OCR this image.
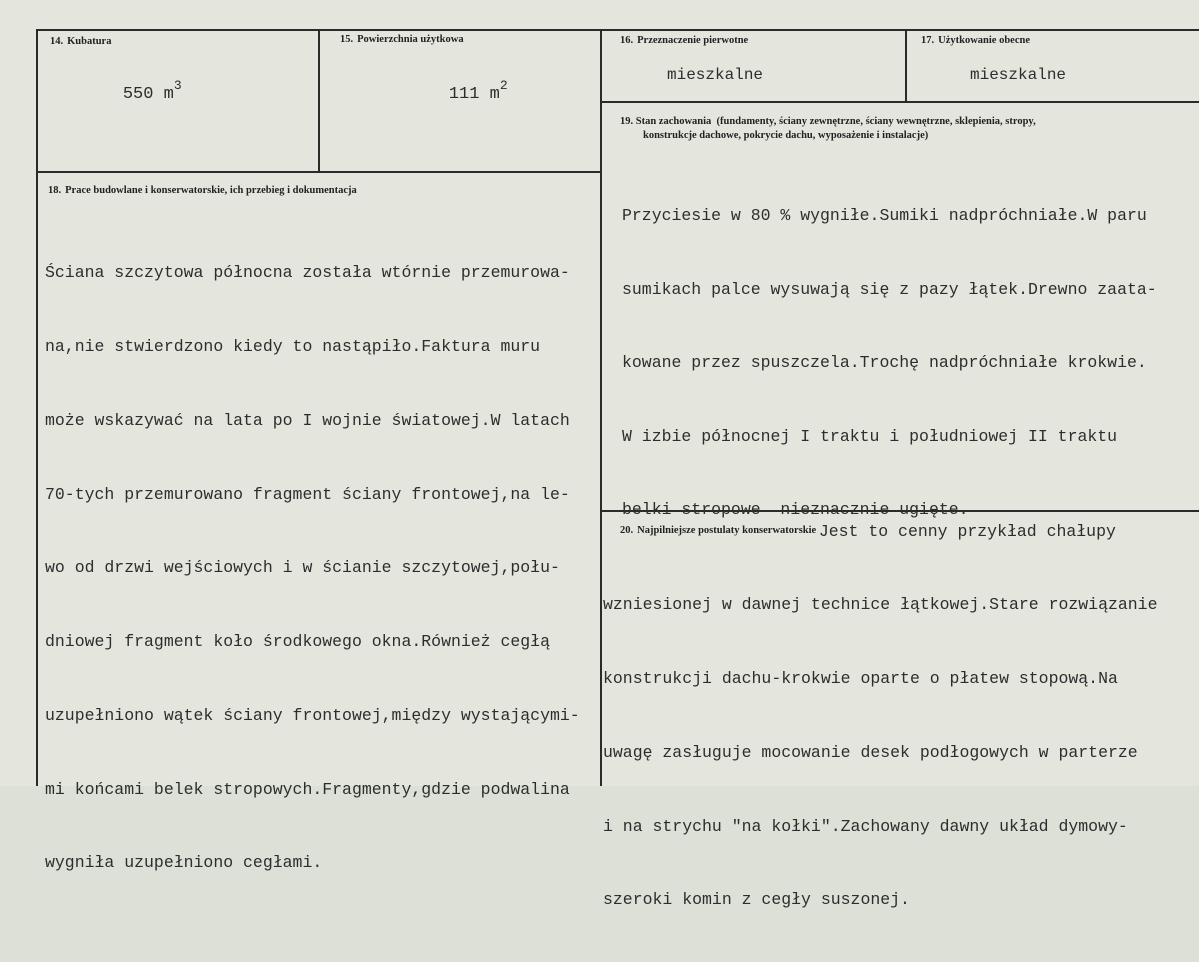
14. Kubatura

550 $m^3$

15. Powierzchnia użytkowa

111 $m^2$

16. Przeznaczenie pierwotne
mieszkalne
17. Użytkowanie obecne
mieszkalne
19. Stan zachowania  (fundamenty, ściany zewnętrzne, ściany wewnętrzne, sklepienia, stropy,
konstrukcje dachowe, pokrycie dachu, wyposażenie i instalacje)

Przyciesie w 80 % wygniłe.Sumiki nadpróchniałe.W paru

sumikach palce wysuwają się z pazy łątek.Drewno zaata-

kowane przez spuszczela.Trochę nadpróchniałe krokwie.

W izbie północnej I traktu i południowej II traktu

belki stropowe  nieznacznie ugięte.

18. Prace budowlane i konserwatorskie, ich przebieg i dokumentacja

Ściana szczytowa północna została wtórnie przemurowa-

na,nie stwierdzono kiedy to nastąpiło.Faktura muru

może wskazywać na lata po I wojnie światowej.W latach

70-tych przemurowano fragment ściany frontowej,na le-

wo od drzwi wejściowych i w ścianie szczytowej,połu-

dniowej fragment koło środkowego okna.Również cegłą

uzupełniono wątek ściany frontowej,między wystającymi-

mi końcami belek stropowych.Fragmenty,gdzie podwalina

wygniła uzupełniono cegłami.

20. Najpilniejsze postulaty konserwatorskie Jest to cenny przykład chałupy

wzniesionej w dawnej technice łątkowej.Stare rozwiązanie

konstrukcji dachu-krokwie oparte o płatew stopową.Na

uwagę zasługuje mocowanie desek podłogowych w parterze

i na strychu "na kołki".Zachowany dawny układ dymowy-

szeroki komin z cegły suszonej.
